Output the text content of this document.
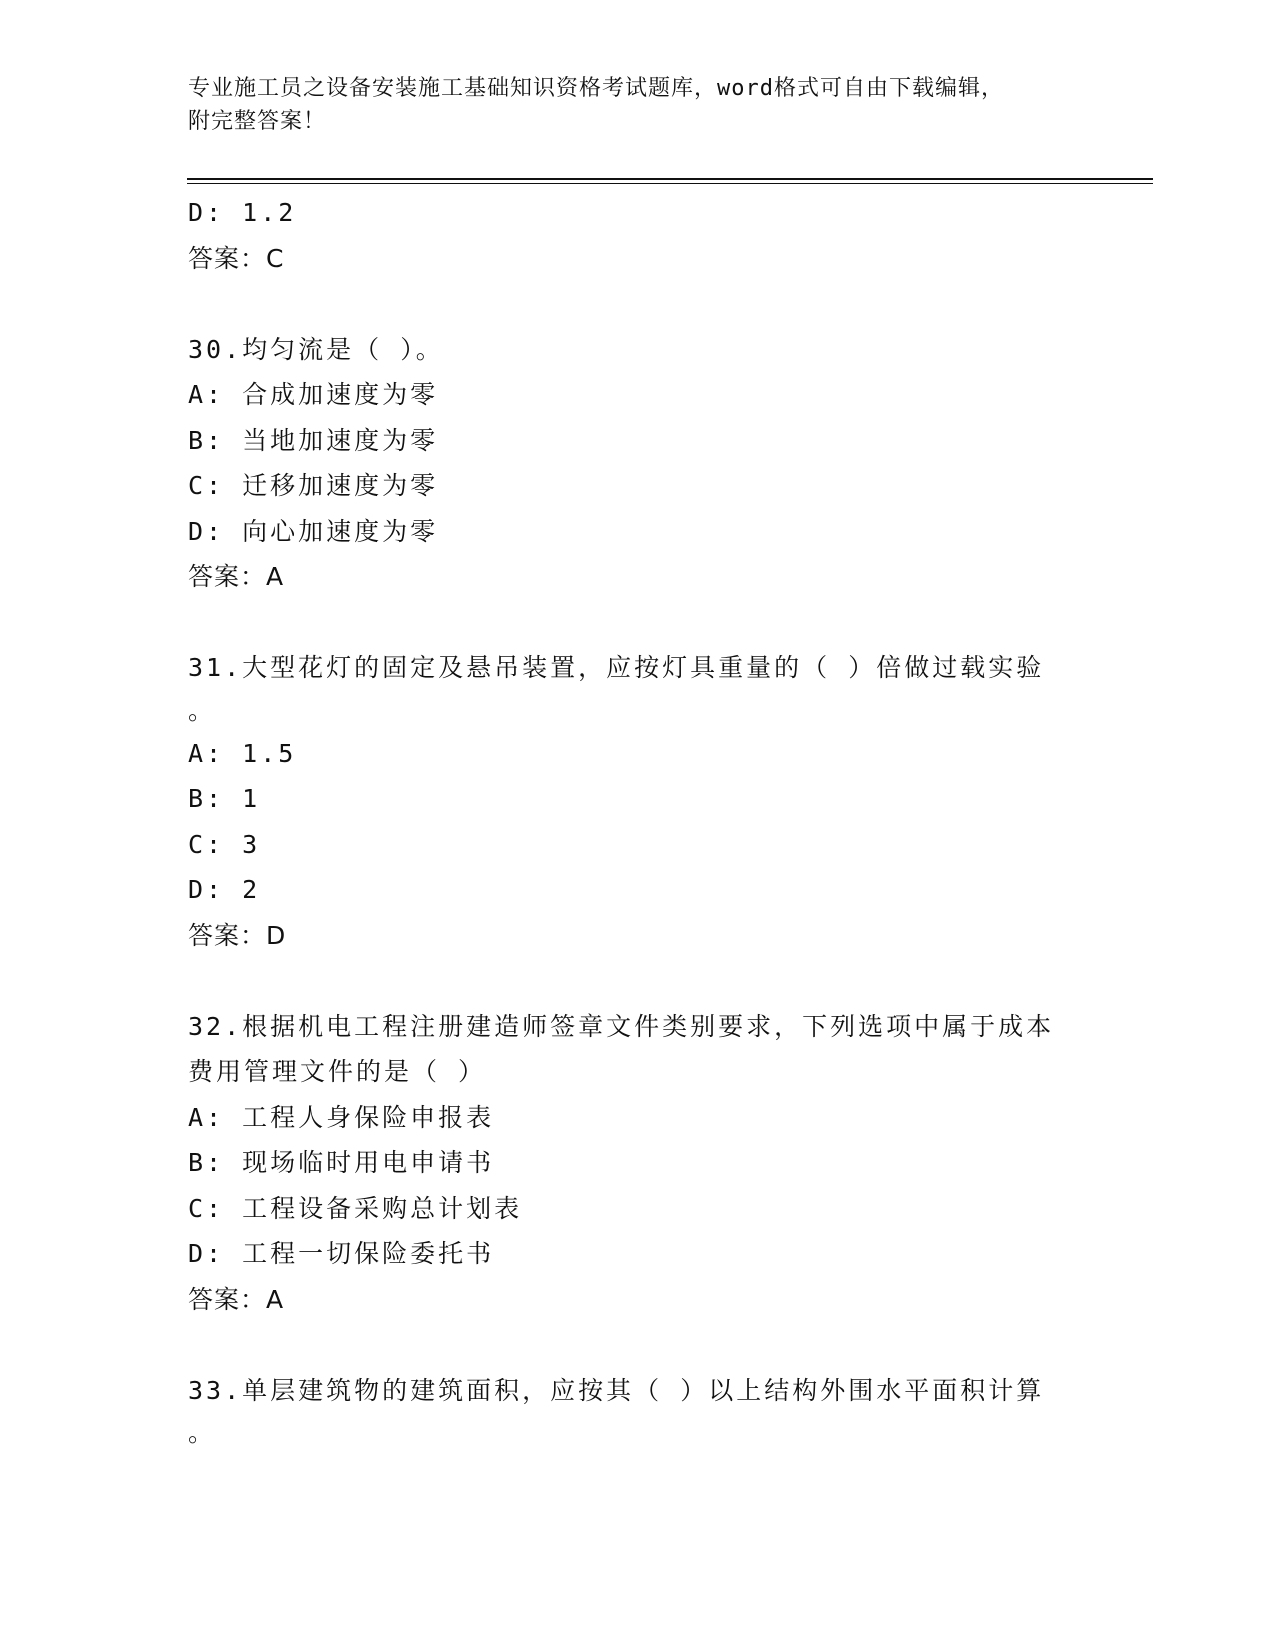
专业施工员之设备安装施工基础知识资格考试题库，word格式可自由下载编辑，
附完整答案！
D: 1.2
答案：C
30.均匀流是（ ）。
A: 合成加速度为零
B: 当地加速度为零
C: 迁移加速度为零
D: 向心加速度为零
答案：A
31.大型花灯的固定及悬吊装置，应按灯具重量的（ ）倍做过载实验
。
A: 1.5
B: 1
C: 3
D: 2
答案：D
32.根据机电工程注册建造师签章文件类别要求，下列选项中属于成本
费用管理文件的是（ ）
A: 工程人身保险申报表
B: 现场临时用电申请书
C: 工程设备采购总计划表
D: 工程一切保险委托书
答案：A
33.单层建筑物的建筑面积，应按其（ ）以上结构外围水平面积计算
。
